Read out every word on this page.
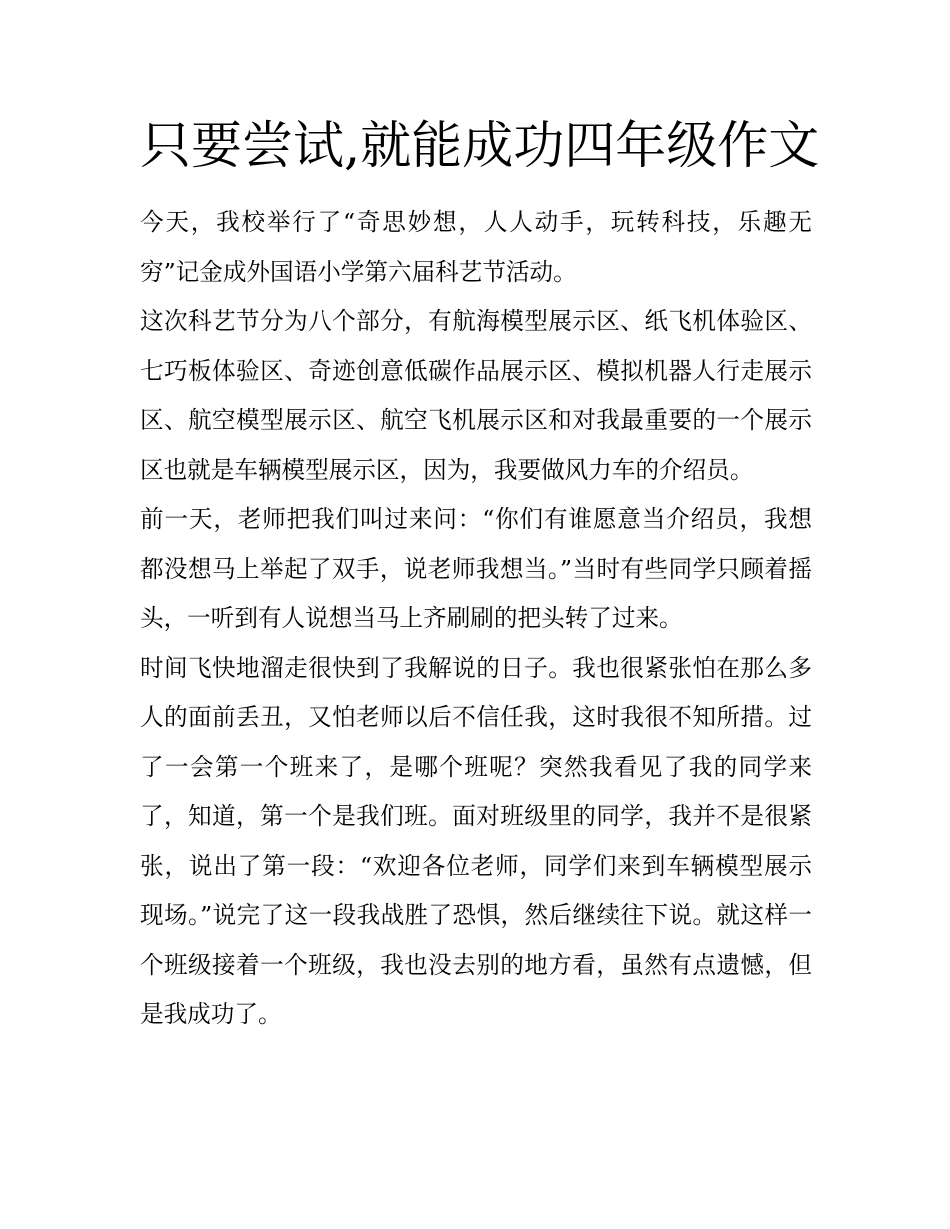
只要尝试,就能成功四年级作文

今天，我校举行了“奇思妙想，人人动手，玩转科技，乐趣无穷”记金成外国语小学第六届科艺节活动。

这次科艺节分为八个部分，有航海模型展示区、纸飞机体验区、七巧板体验区、奇迹创意低碳作品展示区、模拟机器人行走展示区、航空模型展示区、航空飞机展示区和对我最重要的一个展示区也就是车辆模型展示区，因为，我要做风力车的介绍员。

前一天，老师把我们叫过来问：“你们有谁愿意当介绍员，我想都没想马上举起了双手，说老师我想当。”当时有些同学只顾着摇头，一听到有人说想当马上齐刷刷的把头转了过来。

时间飞快地溜走很快到了我解说的日子。我也很紧张怕在那么多人的面前丢丑，又怕老师以后不信任我，这时我很不知所措。过了一会第一个班来了，是哪个班呢？突然我看见了我的同学来了，知道，第一个是我们班。面对班级里的同学，我并不是很紧张，说出了第一段：“欢迎各位老师，同学们来到车辆模型展示现场。”说完了这一段我战胜了恐惧，然后继续往下说。就这样一个班级接着一个班级，我也没去别的地方看，虽然有点遗憾，但是我成功了。
